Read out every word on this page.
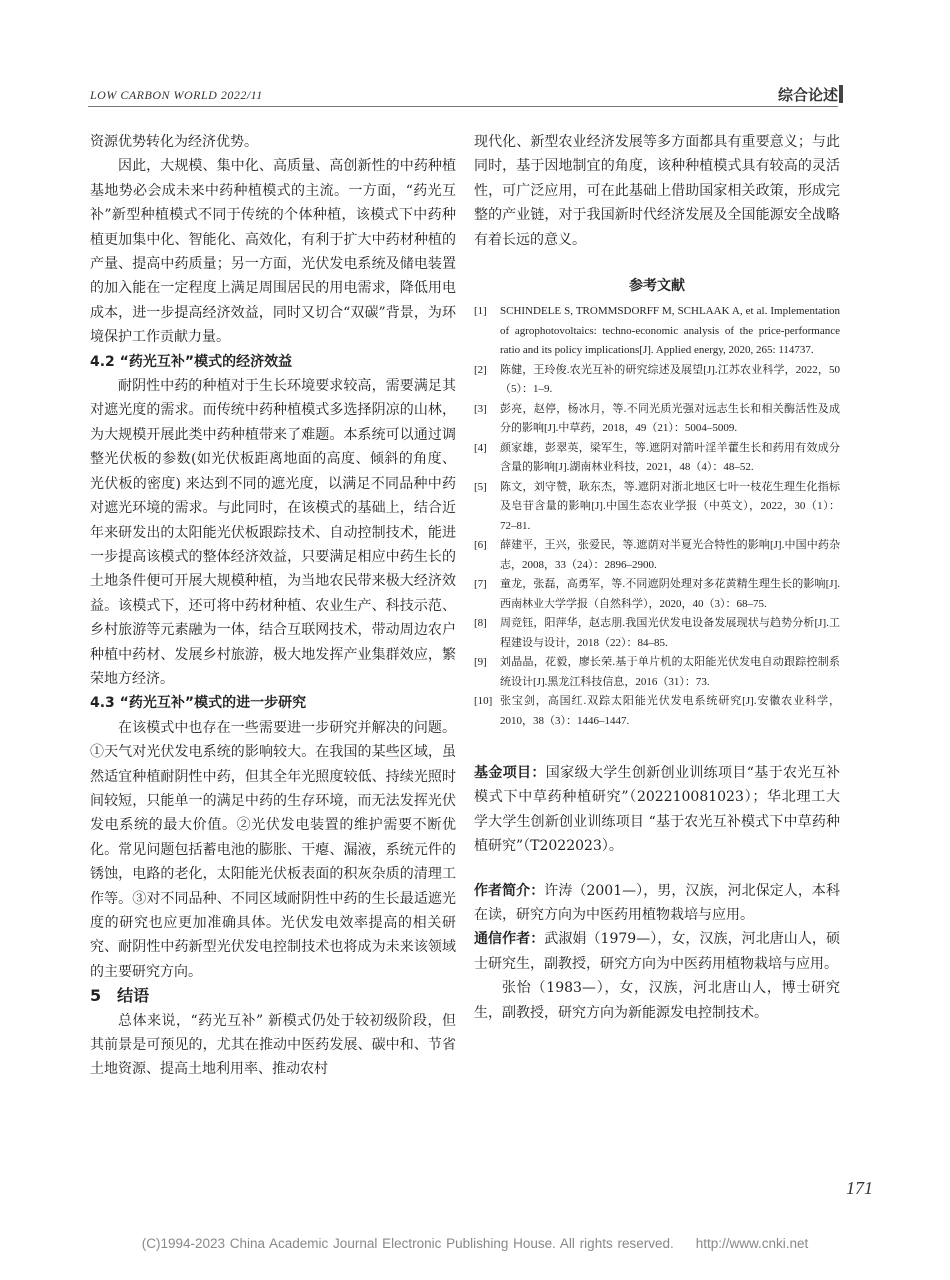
LOW CARBON WORLD 2022/11	综合论述

资源优势转化为经济优势。

因此，大规模、集中化、高质量、高创新性的中药种植基地势必会成未来中药种植模式的主流。一方面，“药光互补”新型种植模式不同于传统的个体种植，该模式下中药种植更加集中化、智能化、高效化，有利于扩大中药材种植的产量、提高中药质量；另一方面，光伏发电系统及储电装置的加入能在一定程度上满足周围居民的用电需求，降低用电成本，进一步提高经济效益，同时又切合“双碳”背景，为环境保护工作贡献力量。

4.2 “药光互补”模式的经济效益

耐阴性中药的种植对于生长环境要求较高，需要满足其对遮光度的需求。而传统中药种植模式多选择阴凉的山林，为大规模开展此类中药种植带来了难题。本系统可以通过调整光伏板的参数(如光伏板距离地面的高度、倾斜的角度、光伏板的密度) 来达到不同的遮光度，以满足不同品种中药对遮光环境的需求。与此同时，在该模式的基础上，结合近年来研发出的太阳能光伏板跟踪技术、自动控制技术，能进一步提高该模式的整体经济效益，只要满足相应中药生长的土地条件便可开展大规模种植，为当地农民带来极大经济效益。该模式下，还可将中药材种植、农业生产、科技示范、乡村旅游等元素融为一体，结合互联网技术，带动周边农户种植中药材、发展乡村旅游，极大地发挥产业集群效应，繁荣地方经济。

4.3 “药光互补”模式的进一步研究

在该模式中也存在一些需要进一步研究并解决的问题。①天气对光伏发电系统的影响较大。在我国的某些区域，虽然适宜种植耐阴性中药，但其全年光照度较低、持续光照时间较短，只能单一的满足中药的生存环境，而无法发挥光伏发电系统的最大价值。②光伏发电装置的维护需要不断优化。常见问题包括蓄电池的膨胀、干瘪、漏液，系统元件的锈蚀，电路的老化，太阳能光伏板表面的积灰杂质的清理工作等。③对不同品种、不同区域耐阴性中药的生长最适遮光度的研究也应更加准确具体。光伏发电效率提高的相关研究、耐阴性中药新型光伏发电控制技术也将成为未来该领域的主要研究方向。

5　结语

总体来说，“药光互补” 新模式仍处于较初级阶段，但其前景是可预见的，尤其在推动中医药发展、碳中和、节省土地资源、提高土地利用率、推动农村

现代化、新型农业经济发展等多方面都具有重要意义；与此同时，基于因地制宜的角度，该种种植模式具有较高的灵活性，可广泛应用，可在此基础上借助国家相关政策，形成完整的产业链，对于我国新时代经济发展及全国能源安全战略有着长远的意义。

参考文献
[1]	SCHINDELE S, TROMMSDORFF M, SCHLAAK A, et al. Implementation of agrophotovoltaics: techno-economic analysis of the price-performance ratio and its policy implications[J]. Applied energy, 2020, 265: 114737.
[2]	陈健，王玲俊.农光互补的研究综述及展望[J].江苏农业科学，2022，50（5）：1–9.
[3]	彭亮，赵停，杨冰月，等.不同光质光强对远志生长和相关酶活性及成分的影响[J].中草药，2018，49（21）：5004–5009.
[4]	颜家雄，彭翠英，梁军生，等.遮阴对箭叶淫羊藿生长和药用有效成分含量的影响[J].湖南林业科技，2021，48（4）：48–52.
[5]	陈文，刘守赞，耿东杰，等.遮阴对浙北地区七叶一枝花生理生化指标及皂苷含量的影响[J].中国生态农业学报（中英文），2022，30（1）：72–81.
[6]	薛建平，王兴，张爱民，等.遮荫对半夏光合特性的影响[J].中国中药杂志，2008，33（24）：2896–2900.
[7]	童龙，张磊，高勇军，等.不同遮阴处理对多花黄精生理生长的影响[J].西南林业大学学报（自然科学），2020，40（3）：68–75.
[8]	周竞钰，阳萍华，赵志朋.我国光伏发电设备发展现状与趋势分析[J].工程建设与设计，2018（22）：84–85.
[9]	刘晶晶，花毅，廖长荣.基于单片机的太阳能光伏发电自动跟踪控制系统设计[J].黑龙江科技信息，2016（31）：73.
[10] 张宝剑，高国红.双踪太阳能光伏发电系统研究[J].安徽农业科学，2010，38（3）：1446–1447.
基金项目：国家级大学生创新创业训练项目“基于农光互补模式下中草药种植研究”（202210081023）；华北理工大学大学生创新创业训练项目 “基于农光互补模式下中草药种植研究”（T2022023）。
作者简介：许涛（2001—），男，汉族，河北保定人，本科在读，研究方向为中医药用植物栽培与应用。
通信作者：武淑娟（1979—），女，汉族，河北唐山人，硕士研究生，副教授，研究方向为中医药用植物栽培与应用。

张怡（1983—），女，汉族，河北唐山人，博士研究生，副教授，研究方向为新能源发电控制技术。

171
(C)1994-2023 China Academic Journal Electronic Publishing House. All rights reserved. http://www.cnki.net
